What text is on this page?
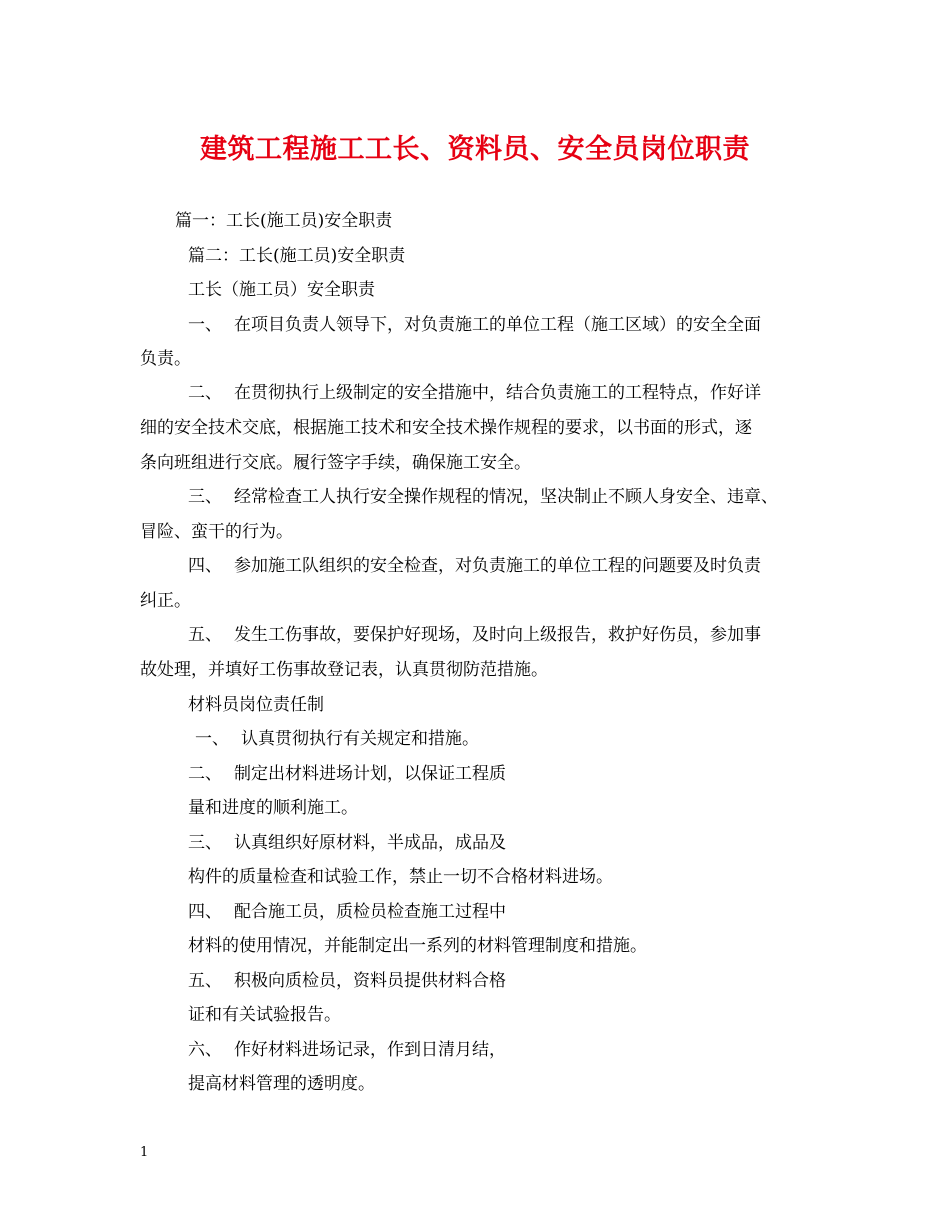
建筑工程施工工长、资料员、安全员岗位职责
篇一：工长(施工员)安全职责
篇二：工长(施工员)安全职责
工长（施工员）安全职责
一、 在项目负责人领导下，对负责施工的单位工程（施工区域）的安全全面
负责。
二、 在贯彻执行上级制定的安全措施中，结合负责施工的工程特点，作好详
细的安全技术交底，根据施工技术和安全技术操作规程的要求，以书面的形式，逐
条向班组进行交底。履行签字手续，确保施工安全。
三、 经常检查工人执行安全操作规程的情况，坚决制止不顾人身安全、违章、
冒险、蛮干的行为。
四、 参加施工队组织的安全检查，对负责施工的单位工程的问题要及时负责
纠正。
五、 发生工伤事故，要保护好现场，及时向上级报告，救护好伤员，参加事
故处理，并填好工伤事故登记表，认真贯彻防范措施。
材料员岗位责任制
一、 认真贯彻执行有关规定和措施。
二、 制定出材料进场计划，以保证工程质
量和进度的顺利施工。
三、 认真组织好原材料，半成品，成品及
构件的质量检查和试验工作，禁止一切不合格材料进场。
四、 配合施工员，质检员检查施工过程中
材料的使用情况，并能制定出一系列的材料管理制度和措施。
五、 积极向质检员，资料员提供材料合格
证和有关试验报告。
六、 作好材料进场记录，作到日清月结，
提高材料管理的透明度。
1
